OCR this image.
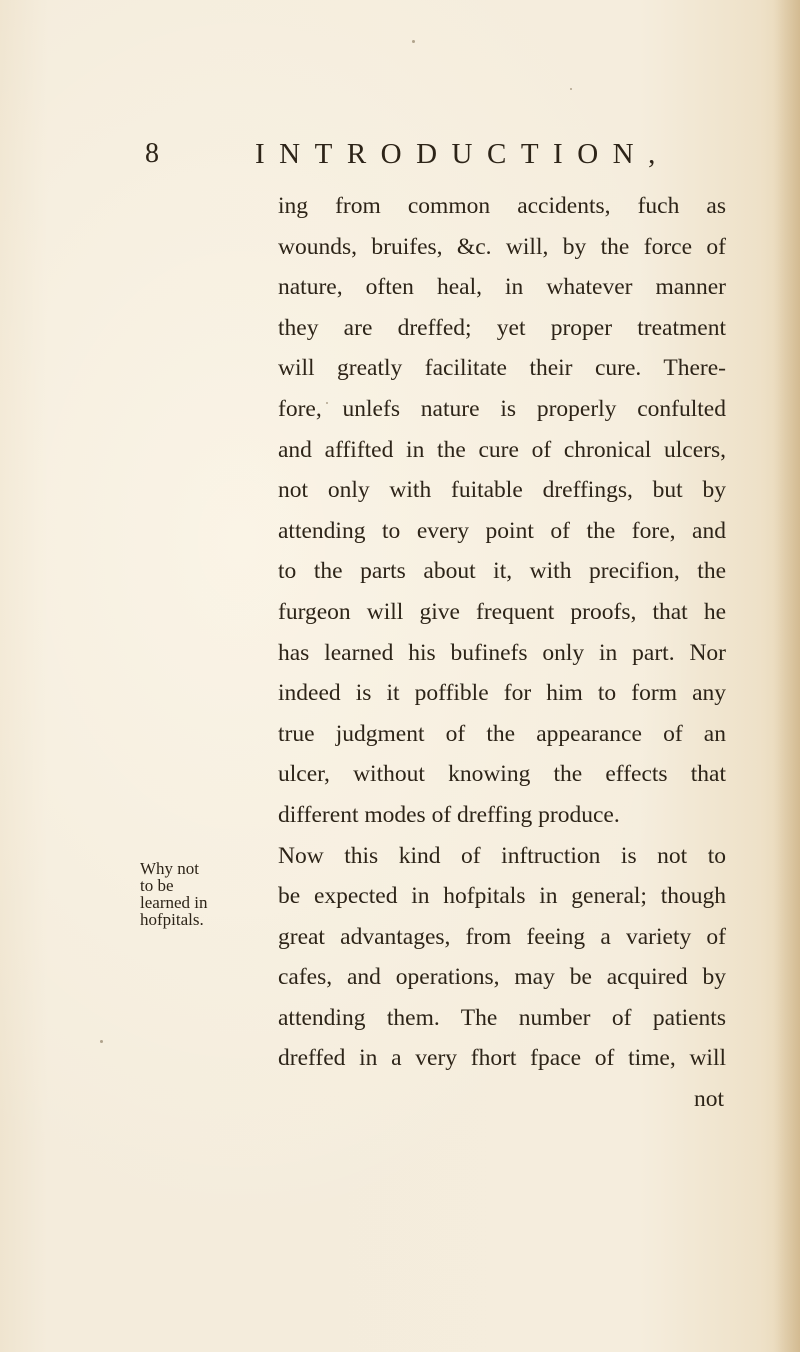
8	INTRODUCTION,
ing from common accidents, fuch as
wounds, bruifes, &c. will, by the force of
nature, often heal, in whatever manner
they are dreffed; yet proper treatment
will greatly facilitate their cure. There-
fore, unlefs nature is properly confulted
and affifted in the cure of chronical ulcers,
not only with fuitable dreffings, but by
attending to every point of the fore, and
to the parts about it, with precifion, the
furgeon will give frequent proofs, that he
has learned his bufinefs only in part. Nor
indeed is it poffible for him to form any
true judgment of the appearance of an
ulcer, without knowing the effects that
different modes of dreffing produce.
Now this kind of inftruction is not to
be expected in hofpitals in general; though
great advantages, from feeing a variety of
cafes, and operations, may be acquired by
attending them. The number of patients
dreffed in a very fhort fpace of time, will
not
Why not
to be
learned in
hofpitals.
